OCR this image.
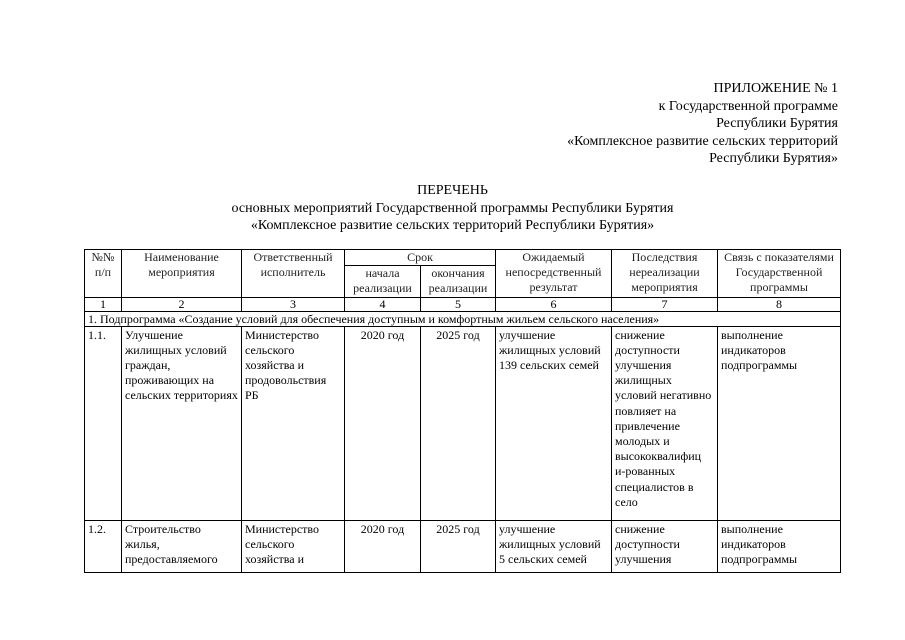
ПРИЛОЖЕНИЕ № 1
к Государственной программе
Республики Бурятия
«Комплексное развитие сельских территорий
Республики Бурятия»
ПЕРЕЧЕНЬ
основных мероприятий Государственной программы Республики Бурятия
«Комплексное развитие сельских территорий Республики Бурятия»
№№ п/п	Наименование мероприятия	Ответственный исполнитель	Срок		Ожидаемый непосредственный результат	Последствия нереализации мероприятия	Связь с показателями Государственной программы
			начала реализации	окончания реализации			
1	2	3	4	5	6	7	8
1. Подпрограмма «Создание условий для обеспечения доступным и комфортным жильем сельского населения»							
1.1.	Улучшение жилищных условий граждан, проживающих на сельских территориях	Министерство сельского хозяйства и продовольствия РБ	2020 год	2025 год	улучшение жилищных условий 139 сельских семей	снижение доступности улучшения жилищных условий негативно повлияет на привлечение молодых и высококвалифиц и-рованных специалистов в село	выполнение индикаторов подпрограммы
1.2.	Строительство жилья, предоставляемого	Министерство сельского хозяйства и	2020 год	2025 год	улучшение жилищных условий 5 сельских семей	снижение доступности улучшения	выполнение индикаторов подпрограммы
